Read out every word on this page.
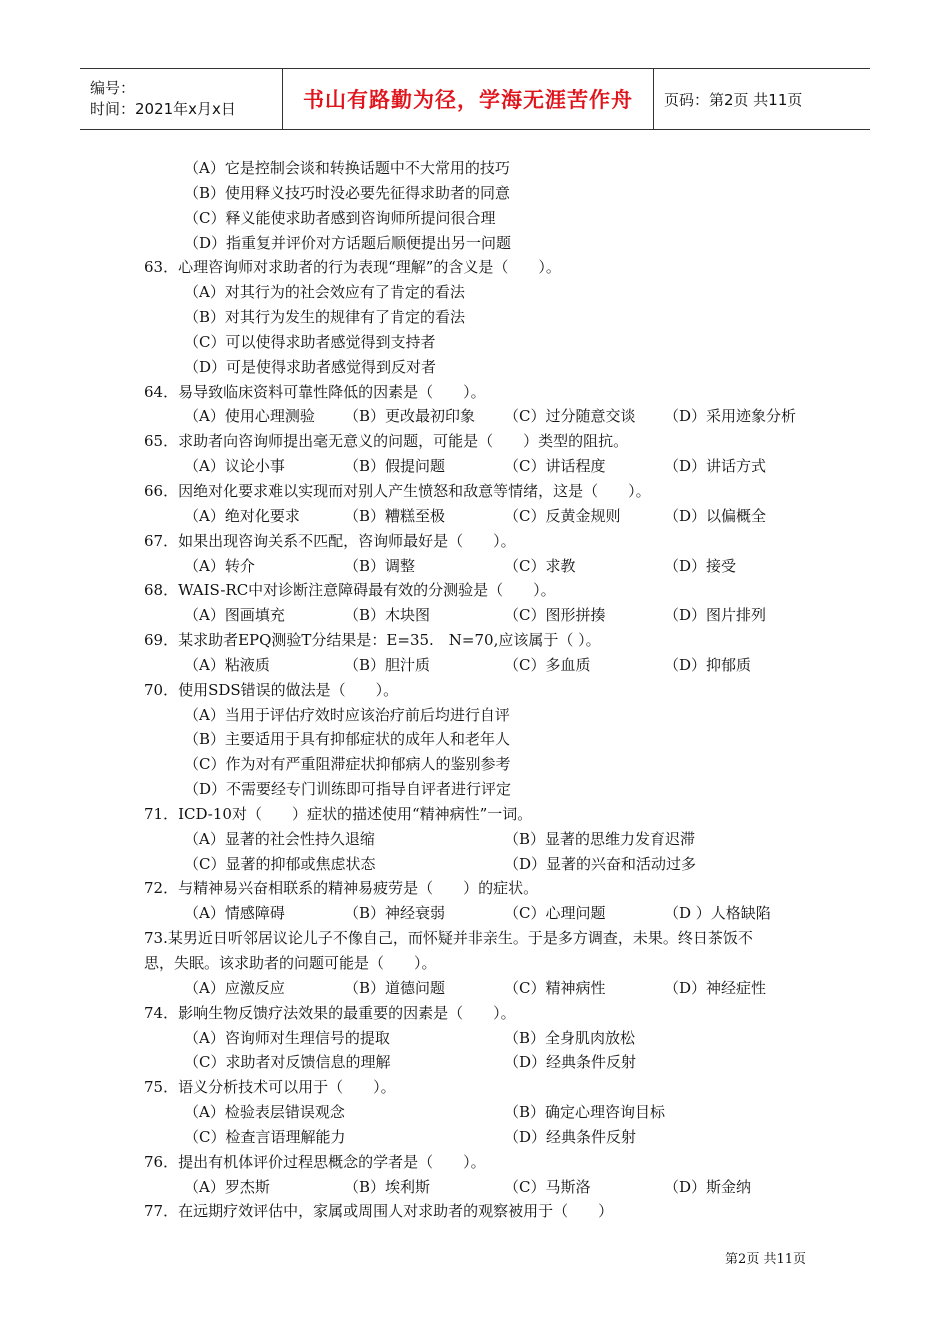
编号：
时间：2021年x月x日	书山有路勤为径，学海无涯苦作舟 页码：第2页 共11页
（A）它是控制会谈和转换话题中不大常用的技巧
（B）使用释义技巧时没必要先征得求助者的同意
（C）释义能使求助者感到咨询师所提问很合理
（D）指重复并评价对方话题后顺便提出另一问题
63．心理咨询师对求助者的行为表现“理解”的含义是（　　）。
（A）对其行为的社会效应有了肯定的看法
（B）对其行为发生的规律有了肯定的看法
（C）可以使得求助者感觉得到支持者
（D）可是使得求助者感觉得到反对者
64．易导致临床资料可靠性降低的因素是（　　）。
（A）使用心理测验	（B）更改最初印象	（C）过分随意交谈	（D）采用迹象分析
65．求助者向咨询师提出毫无意义的问题，可能是（　　）类型的阻抗。
（A）议论小事	（B）假提问题	（C）讲话程度	（D）讲话方式
66．因绝对化要求难以实现而对别人产生愤怒和敌意等情绪，这是（　　）。
（A）绝对化要求	（B）糟糕至极	（C）反黄金规则	（D）以偏概全
67．如果出现咨询关系不匹配，咨询师最好是（　　）。
（A）转介	（B）调整	（C）求教	（D）接受
68．WAIS-RC中对诊断注意障碍最有效的分测验是（　　）。
（A）图画填充	（B）木块图	（C）图形拼揍	（D）图片排列
69．某求助者EPQ测验T分结果是：E=35.　N=70,应该属于（ ）。
（A）粘液质	（B）胆汁质	（C）多血质	（D）抑郁质
70．使用SDS错误的做法是（　　）。
（A）当用于评估疗效时应该治疗前后均进行自评
（B）主要适用于具有抑郁症状的成年人和老年人
（C）作为对有严重阻滞症状抑郁病人的鉴别参考
（D）不需要经专门训练即可指导自评者进行评定
71．ICD-10对（　　）症状的描述使用“精神病性”一词。
（A）显著的社会性持久退缩	（B）显著的思维力发育迟滞
（C）显著的抑郁或焦虑状态	（D）显著的兴奋和活动过多
72．与精神易兴奋相联系的精神易疲劳是（　　）的症状。
（A）情感障碍	（B）神经衰弱	（C）心理问题	（D ）人格缺陷
73.某男近日听邻居议论儿子不像自己，而怀疑并非亲生。于是多方调查，未果。终日茶饭不
思，失眠。该求助者的问题可能是（　　）。
（A）应激反应	（B）道德问题	（C）精神病性	（D）神经症性
74．影响生物反馈疗法效果的最重要的因素是（　　）。
（A）咨询师对生理信号的提取	（B）全身肌肉放松
（C）求助者对反馈信息的理解	（D）经典条件反射
75．语义分析技术可以用于（　　）。
（A）检验表层错误观念	（B）确定心理咨询目标
（C）检查言语理解能力	（D）经典条件反射
76．提出有机体评价过程思概念的学者是（　　）。
（A）罗杰斯	（B）埃利斯	（C）马斯洛	（D）斯金纳
77．在远期疗效评估中，家属或周围人对求助者的观察被用于（　　）
第2页 共11页
